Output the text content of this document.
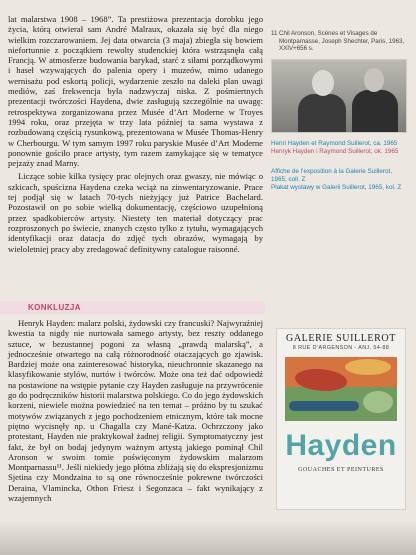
lat malarstwa 1908 – 1968”. Ta prestiżowa prezentacja dorobku jego życia, którą otwierał sam André Malraux, okazała się być dla niego wielkim rozczarowaniem. Jej data otwarcia (3 maja) zbiegła się bowiem niefortunnie z początkiem rewolty studenckiej która wstrząsnęła całą Francją. W atmosferze budowania barykad, starć z siłami porządkowymi i haseł wzywających do palenia opery i muzeów, mimo udanego wernisażu pod eskortą policji, wydarzenie zeszło na daleki plan uwagi mediów, zaś frekwencja była nadzwyczaj niska. Z pośmiertnych prezentacji twórczości Haydena, dwie zasługują szczególnie na uwagę: retrospektywa zorganizowana przez Musée d’Art Moderne w Troyes 1994 roku, oraz przejęta w trzy lata później ta sama wystawa z rozbudowaną częścią rysunkową, prezentowana w Musée Thomas-Henry w Cherbourgu. W tym samym 1997 roku paryskie Musée d’Art Moderne ponownie gościło prace artysty, tym razem zamykające się w tematyce pejzaży znad Marny.

Liczące sobie kilka tysięcy prac olejnych oraz gwaszy, nie mówiąc o szkicach, spuścizna Haydena czeka wciąż na zinwentaryzowanie. Prace tej podjął się w latach 70-tych nieżyjący już Patrice Bachelard. Pozostawił on po sobie wielką dokumentację, częściowo uzupełnioną przez spadkobierców artysty. Niestety ten materiał dotyczący prac rozproszonych po świecie, znanych często tylko z tytułu, wymagających identyfikacji oraz datacja do zdjęć tych obrazów, wymagają by wieloletniej pracy aby zredagować definitywny catalogue raisonné.

11 Chil Aronson, Scènes et Visages de Montparnasse, Joseph Shechter, Paris, 1963, XXIV+656 s.
Henri Hayden et Raymond Suillerot, ca. 1965
Henryk Hayden i Raymond Suillerot, ok. 1965
Affiche de l’exposition à la Galerie Suillerot, 1965, coll. Z
Plakat wystawy w Galerii Suillerot, 1965, kol. Z
KONKLUZJA

Henryk Hayden: malarz polski, żydowski czy francuski? Najwyraźniej kwestia ta nigdy nie nurtowała samego artysty, bez reszty oddanego sztuce, w bezustannej pogoni za własną „prawdą malarską”, a jednocześnie otwartego na całą różnorodność otaczających go zjawisk. Bardziej może ona zainteresować historyka, nieuchronnie skazanego na klasyfikowanie stylów, nurtów i twórców. Może ona też dać odpowiedź na postawione na wstępie pytanie czy Hayden zasługuje na przywrócenie go do podręczników historii malarstwa polskiego. Co do jego żydowskich korzeni, niewiele można powiedzieć na ten temat – próżno by tu szukać motywów związanych z jego pochodzeniem etnicznym, które tak mocne piętno wycisnęły np. u Chagalla czy Mané-Katza. Ochrzczony jako protestant, Hayden nie praktykował żadnej religii. Symptomatyczny jest fakt, że był on bodaj jedynym ważnym artystą jakiego pominął Chil Aronson w swoim tomie poświęconym żydowskim malarzom Montparnassu¹¹. Jeśli niekiedy jego płótna zbliżają się do ekspresjonizmu Sjetina czy Mondzaina to są one równocześnie pokrewne twórczości Deraina, Vlamincka, Othon Friesz i Segonzaca – fakt wynikający z wzajemnych

GALERIE SUILLEROT
8 RUE D’ARGENSON - ANJ. 54-88
Hayden
GOUACHES ET PEINTURES
